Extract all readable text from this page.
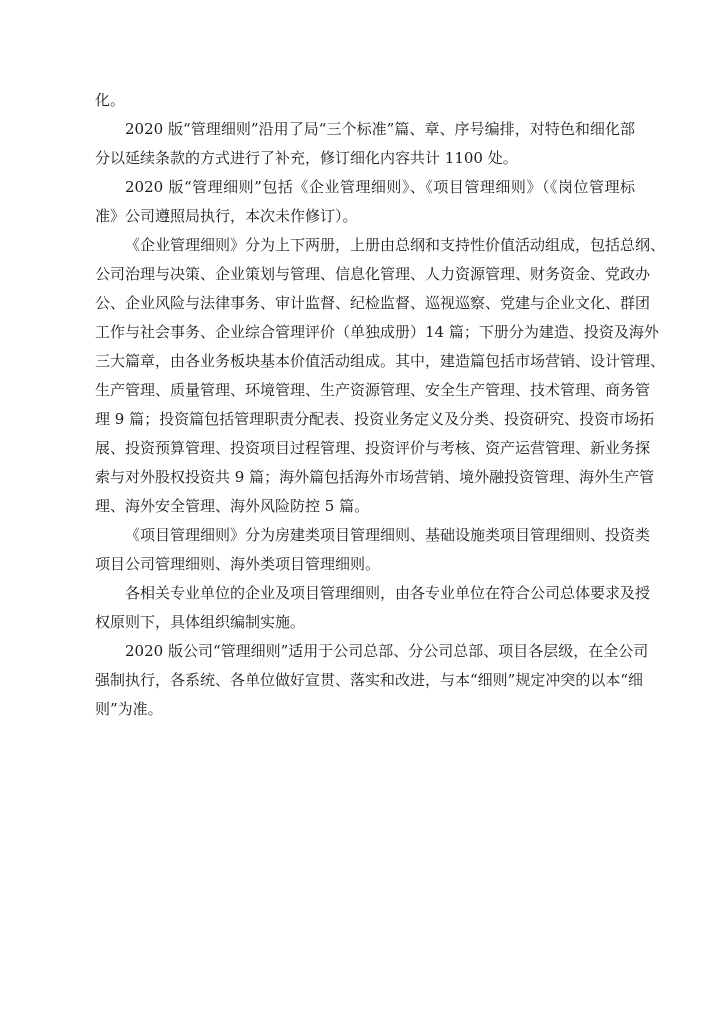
化。
2020 版“管理细则”沿用了局“三个标准”篇、章、序号编排，对特色和细化部
分以延续条款的方式进行了补充，修订细化内容共计 1100 处。
2020 版“管理细则”包括《企业管理细则》、《项目管理细则》（《岗位管理标
准》公司遵照局执行，本次未作修订）。
《企业管理细则》分为上下两册，上册由总纲和支持性价值活动组成，包括总纲、
公司治理与决策、企业策划与管理、信息化管理、人力资源管理、财务资金、党政办
公、企业风险与法律事务、审计监督、纪检监督、巡视巡察、党建与企业文化、群团
工作与社会事务、企业综合管理评价（单独成册）14 篇；下册分为建造、投资及海外
三大篇章，由各业务板块基本价值活动组成。其中，建造篇包括市场营销、设计管理、
生产管理、质量管理、环境管理、生产资源管理、安全生产管理、技术管理、商务管
理 9 篇；投资篇包括管理职责分配表、投资业务定义及分类、投资研究、投资市场拓
展、投资预算管理、投资项目过程管理、投资评价与考核、资产运营管理、新业务探
索与对外股权投资共 9 篇；海外篇包括海外市场营销、境外融投资管理、海外生产管
理、海外安全管理、海外风险防控 5 篇。
《项目管理细则》分为房建类项目管理细则、基础设施类项目管理细则、投资类
项目公司管理细则、海外类项目管理细则。
各相关专业单位的企业及项目管理细则，由各专业单位在符合公司总体要求及授
权原则下，具体组织编制实施。
2020 版公司“管理细则”适用于公司总部、分公司总部、项目各层级，在全公司
强制执行，各系统、各单位做好宣贯、落实和改进，与本“细则”规定冲突的以本“细
则”为准。
